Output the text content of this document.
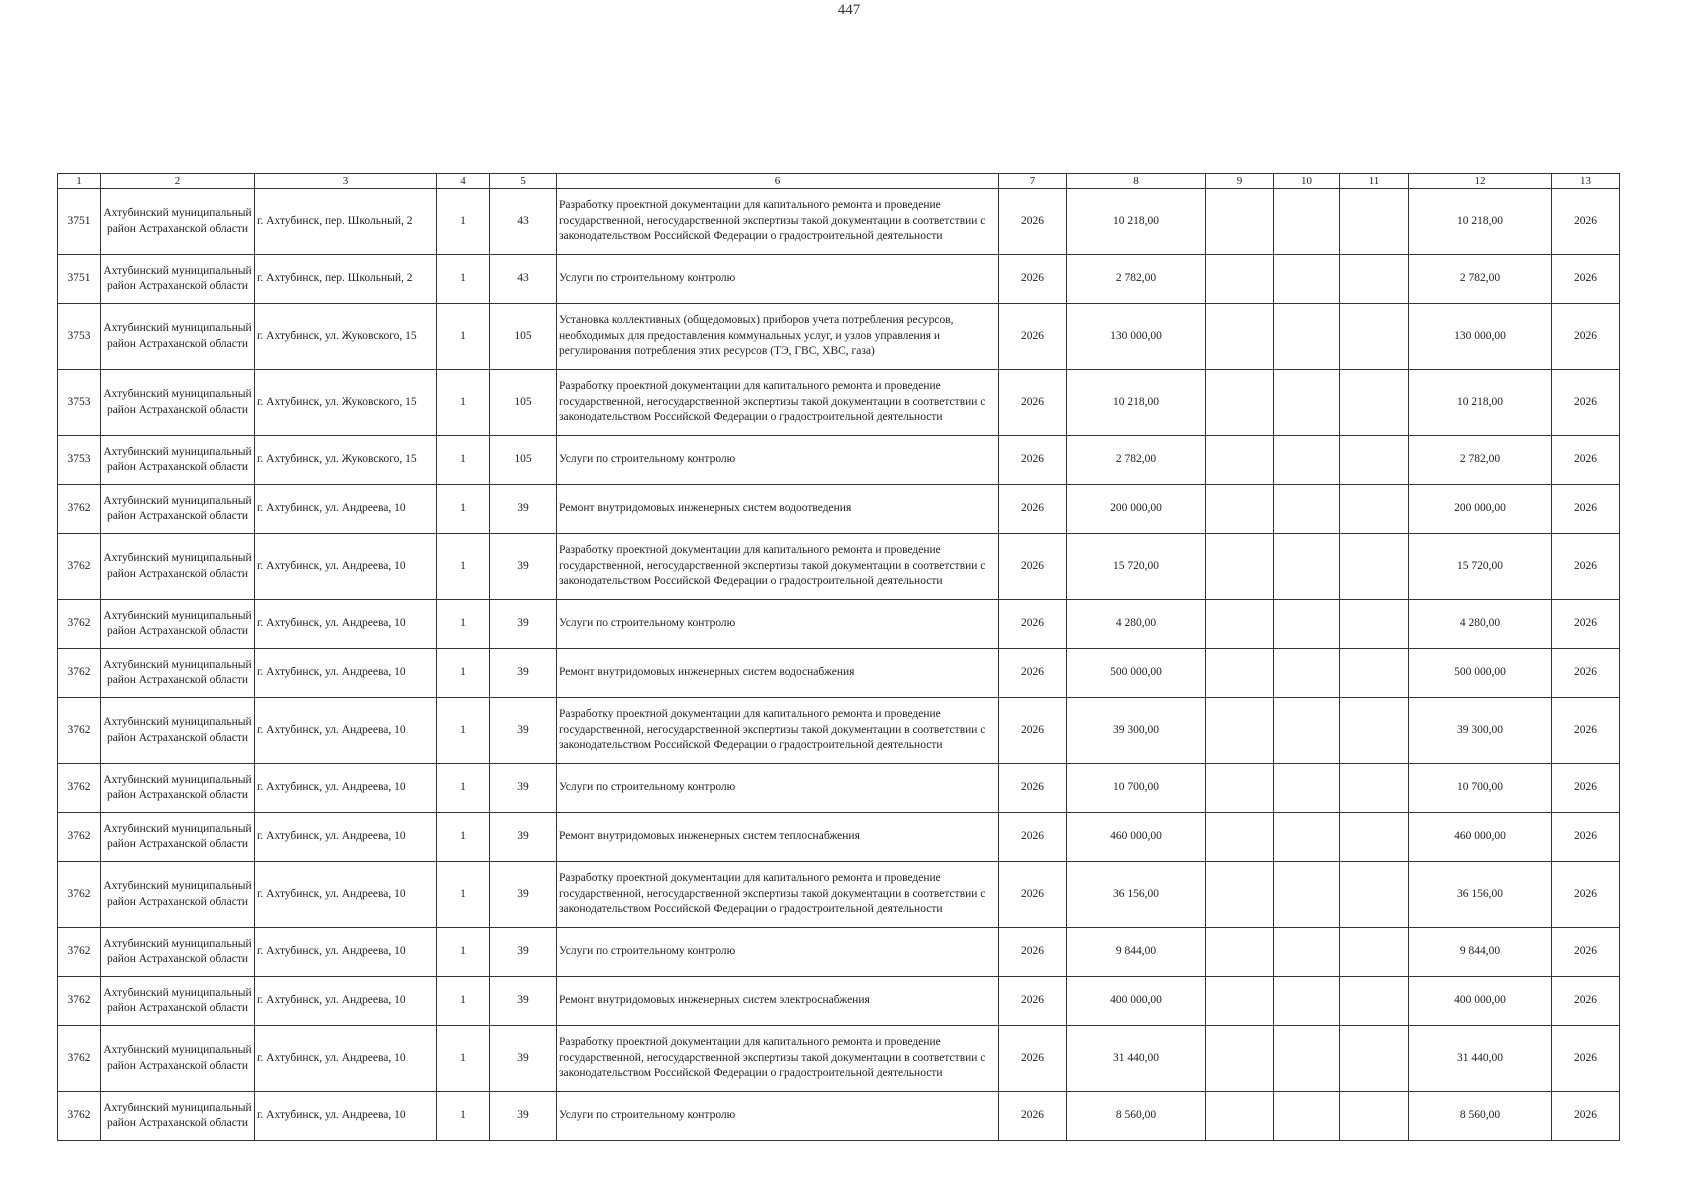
447
1	2	3	4	5	6	7	8	9	10	11	12	13
3751	Ахтубинский муниципальный район Астраханской области	г. Ахтубинск, пер. Школьный, 2	1	43	Разработку проектной документации для капитального ремонта и проведение государственной, негосударственной экспертизы такой документации в соответствии с законодательством Российской Федерации о градостроительной деятельности	2026	10 218,00				10 218,00	2026
3751	Ахтубинский муниципальный район Астраханской области	г. Ахтубинск, пер. Школьный, 2	1	43	Услуги по строительному контролю	2026	2 782,00				2 782,00	2026
3753	Ахтубинский муниципальный район Астраханской области	г. Ахтубинск, ул. Жуковского, 15	1	105	Установка коллективных (общедомовых) приборов учета потребления ресурсов, необходимых для предоставления коммунальных услуг, и узлов управления и регулирования потребления этих ресурсов (ТЭ, ГВС, ХВС, газа)	2026	130 000,00				130 000,00	2026
3753	Ахтубинский муниципальный район Астраханской области	г. Ахтубинск, ул. Жуковского, 15	1	105	Разработку проектной документации для капитального ремонта и проведение государственной, негосударственной экспертизы такой документации в соответствии с законодательством Российской Федерации о градостроительной деятельности	2026	10 218,00				10 218,00	2026
3753	Ахтубинский муниципальный район Астраханской области	г. Ахтубинск, ул. Жуковского, 15	1	105	Услуги по строительному контролю	2026	2 782,00				2 782,00	2026
3762	Ахтубинский муниципальный район Астраханской области	г. Ахтубинск, ул. Андреева, 10	1	39	Ремонт внутридомовых инженерных систем водоотведения	2026	200 000,00				200 000,00	2026
3762	Ахтубинский муниципальный район Астраханской области	г. Ахтубинск, ул. Андреева, 10	1	39	Разработку проектной документации для капитального ремонта и проведение государственной, негосударственной экспертизы такой документации в соответствии с законодательством Российской Федерации о градостроительной деятельности	2026	15 720,00				15 720,00	2026
3762	Ахтубинский муниципальный район Астраханской области	г. Ахтубинск, ул. Андреева, 10	1	39	Услуги по строительному контролю	2026	4 280,00				4 280,00	2026
3762	Ахтубинский муниципальный район Астраханской области	г. Ахтубинск, ул. Андреева, 10	1	39	Ремонт внутридомовых инженерных систем водоснабжения	2026	500 000,00				500 000,00	2026
3762	Ахтубинский муниципальный район Астраханской области	г. Ахтубинск, ул. Андреева, 10	1	39	Разработку проектной документации для капитального ремонта и проведение государственной, негосударственной экспертизы такой документации в соответствии с законодательством Российской Федерации о градостроительной деятельности	2026	39 300,00				39 300,00	2026
3762	Ахтубинский муниципальный район Астраханской области	г. Ахтубинск, ул. Андреева, 10	1	39	Услуги по строительному контролю	2026	10 700,00				10 700,00	2026
3762	Ахтубинский муниципальный район Астраханской области	г. Ахтубинск, ул. Андреева, 10	1	39	Ремонт внутридомовых инженерных систем теплоснабжения	2026	460 000,00				460 000,00	2026
3762	Ахтубинский муниципальный район Астраханской области	г. Ахтубинск, ул. Андреева, 10	1	39	Разработку проектной документации для капитального ремонта и проведение государственной, негосударственной экспертизы такой документации в соответствии с законодательством Российской Федерации о градостроительной деятельности	2026	36 156,00				36 156,00	2026
3762	Ахтубинский муниципальный район Астраханской области	г. Ахтубинск, ул. Андреева, 10	1	39	Услуги по строительному контролю	2026	9 844,00				9 844,00	2026
3762	Ахтубинский муниципальный район Астраханской области	г. Ахтубинск, ул. Андреева, 10	1	39	Ремонт внутридомовых инженерных систем электроснабжения	2026	400 000,00				400 000,00	2026
3762	Ахтубинский муниципальный район Астраханской области	г. Ахтубинск, ул. Андреева, 10	1	39	Разработку проектной документации для капитального ремонта и проведение государственной, негосударственной экспертизы такой документации в соответствии с законодательством Российской Федерации о градостроительной деятельности	2026	31 440,00				31 440,00	2026
3762	Ахтубинский муниципальный район Астраханской области	г. Ахтубинск, ул. Андреева, 10	1	39	Услуги по строительному контролю	2026	8 560,00				8 560,00	2026
